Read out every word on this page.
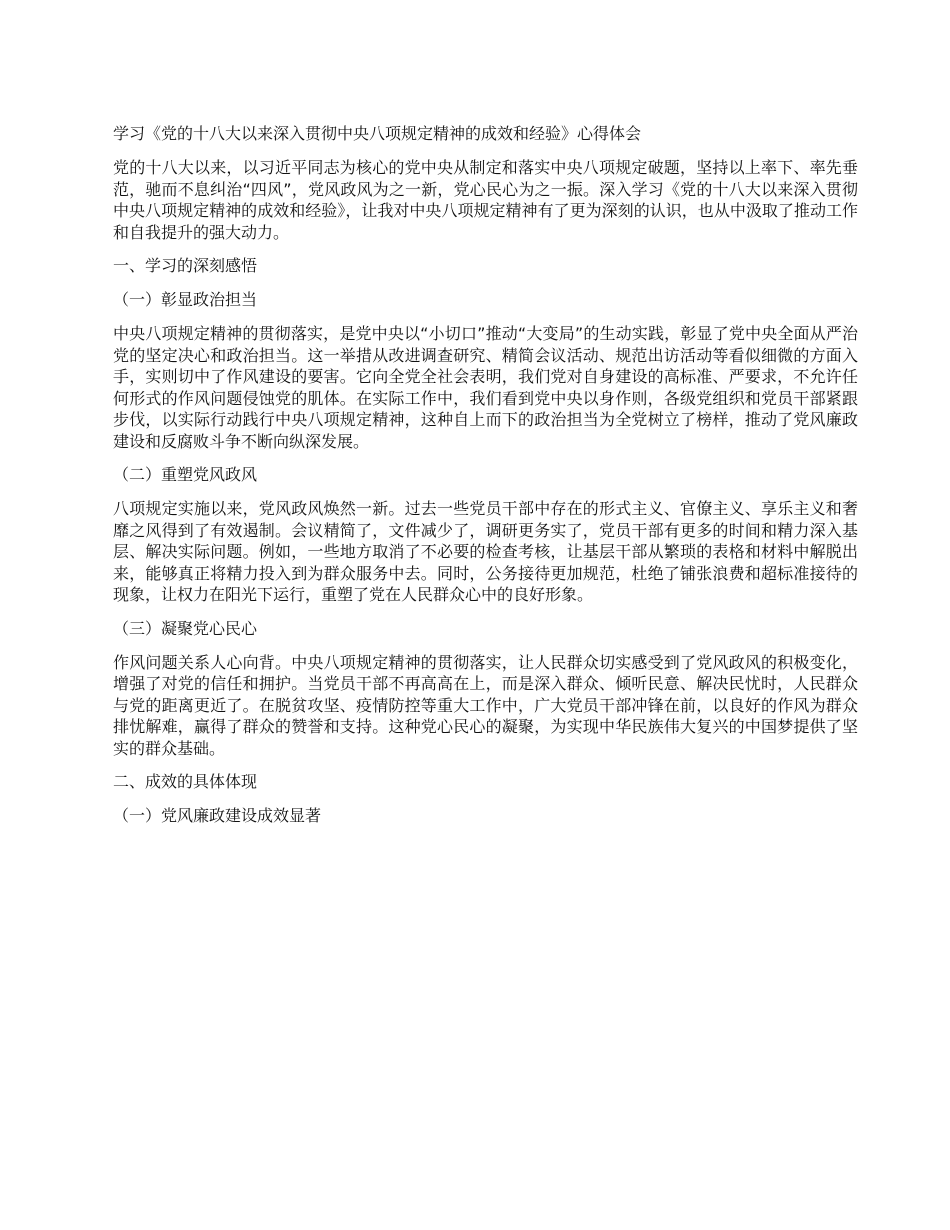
学习《党的十八大以来深入贯彻中央八项规定精神的成效和经验》心得体会

党的十八大以来，以习近平同志为核心的党中央从制定和落实中央八项规定破题，坚持以上率下、率先垂范，驰而不息纠治“四风”，党风政风为之一新，党心民心为之一振。深入学习《党的十八大以来深入贯彻中央八项规定精神的成效和经验》，让我对中央八项规定精神有了更为深刻的认识，也从中汲取了推动工作和自我提升的强大动力。

一、学习的深刻感悟
（一）彰显政治担当

中央八项规定精神的贯彻落实，是党中央以“小切口”推动“大变局”的生动实践，彰显了党中央全面从严治党的坚定决心和政治担当。这一举措从改进调查研究、精简会议活动、规范出访活动等看似细微的方面入手，实则切中了作风建设的要害。它向全党全社会表明，我们党对自身建设的高标准、严要求，不允许任何形式的作风问题侵蚀党的肌体。在实际工作中，我们看到党中央以身作则，各级党组织和党员干部紧跟步伐，以实际行动践行中央八项规定精神，这种自上而下的政治担当为全党树立了榜样，推动了党风廉政建设和反腐败斗争不断向纵深发展。

（二）重塑党风政风

八项规定实施以来，党风政风焕然一新。过去一些党员干部中存在的形式主义、官僚主义、享乐主义和奢靡之风得到了有效遏制。会议精简了，文件减少了，调研更务实了，党员干部有更多的时间和精力深入基层、解决实际问题。例如，一些地方取消了不必要的检查考核，让基层干部从繁琐的表格和材料中解脱出来，能够真正将精力投入到为群众服务中去。同时，公务接待更加规范，杜绝了铺张浪费和超标准接待的现象，让权力在阳光下运行，重塑了党在人民群众心中的良好形象。

（三）凝聚党心民心

作风问题关系人心向背。中央八项规定精神的贯彻落实，让人民群众切实感受到了党风政风的积极变化，增强了对党的信任和拥护。当党员干部不再高高在上，而是深入群众、倾听民意、解决民忧时，人民群众与党的距离更近了。在脱贫攻坚、疫情防控等重大工作中，广大党员干部冲锋在前，以良好的作风为群众排忧解难，赢得了群众的赞誉和支持。这种党心民心的凝聚，为实现中华民族伟大复兴的中国梦提供了坚实的群众基础。

二、成效的具体体现
（一）党风廉政建设成效显著
